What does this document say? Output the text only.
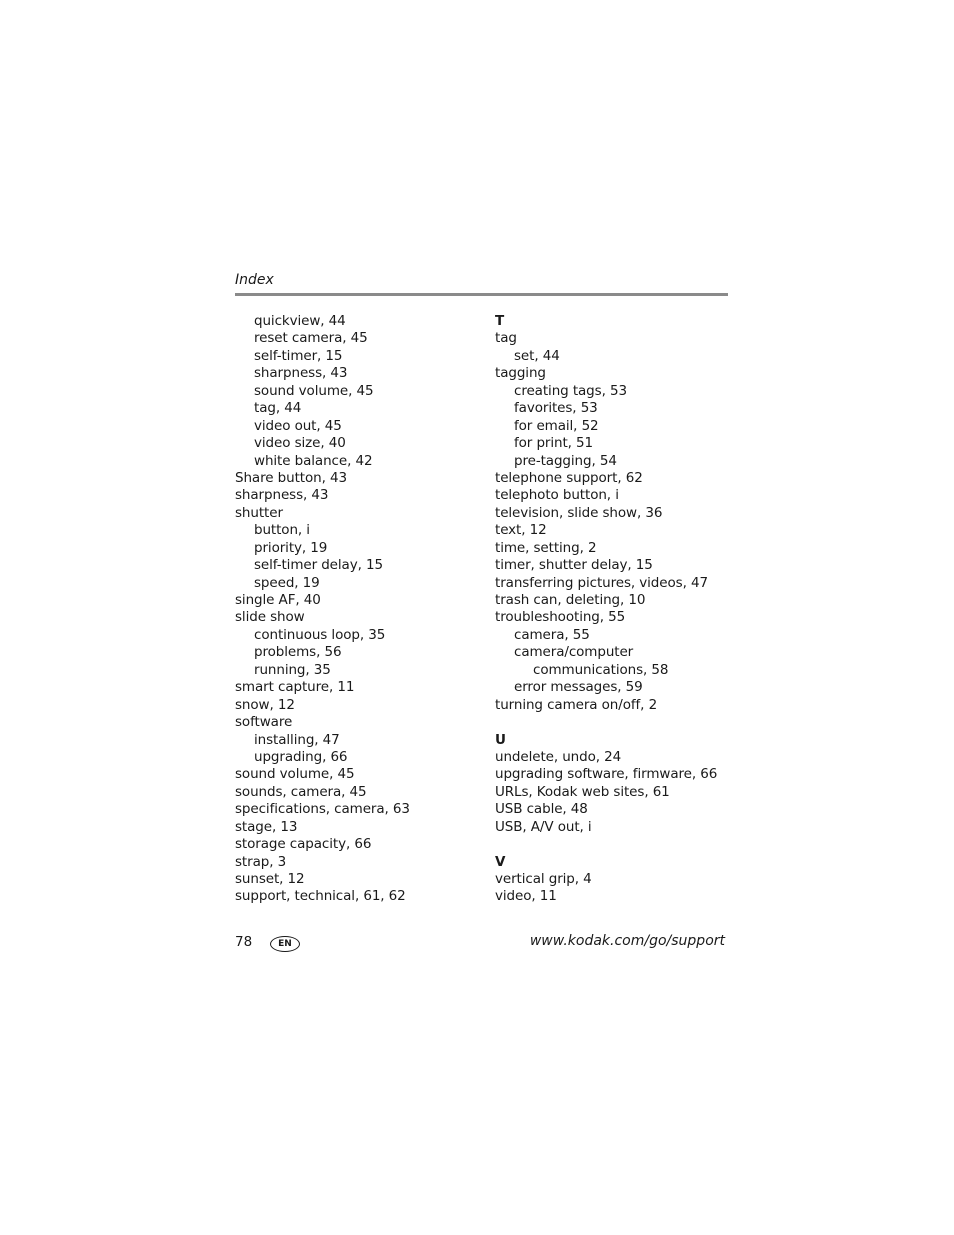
Index
quickview, 44
reset camera, 45
self-timer, 15
sharpness, 43
sound volume, 45
tag, 44
video out, 45
video size, 40
white balance, 42
Share button, 43
sharpness, 43
shutter
button, i
priority, 19
self-timer delay, 15
speed, 19
single AF, 40
slide show
continuous loop, 35
problems, 56
running, 35
smart capture, 11
snow, 12
software
installing, 47
upgrading, 66
sound volume, 45
sounds, camera, 45
specifications, camera, 63
stage, 13
storage capacity, 66
strap, 3
sunset, 12
support, technical, 61, 62
T
tag
set, 44
tagging
creating tags, 53
favorites, 53
for email, 52
for print, 51
pre-tagging, 54
telephone support, 62
telephoto button, i
television, slide show, 36
text, 12
time, setting, 2
timer, shutter delay, 15
transferring pictures, videos, 47
trash can, deleting, 10
troubleshooting, 55
camera, 55
camera/computer
communications, 58
error messages, 59
turning camera on/off, 2
U
undelete, undo, 24
upgrading software, firmware, 66
URLs, Kodak web sites, 61
USB cable, 48
USB, A/V out, i
V
vertical grip, 4
video, 11
78	EN	www.kodak.com/go/support
